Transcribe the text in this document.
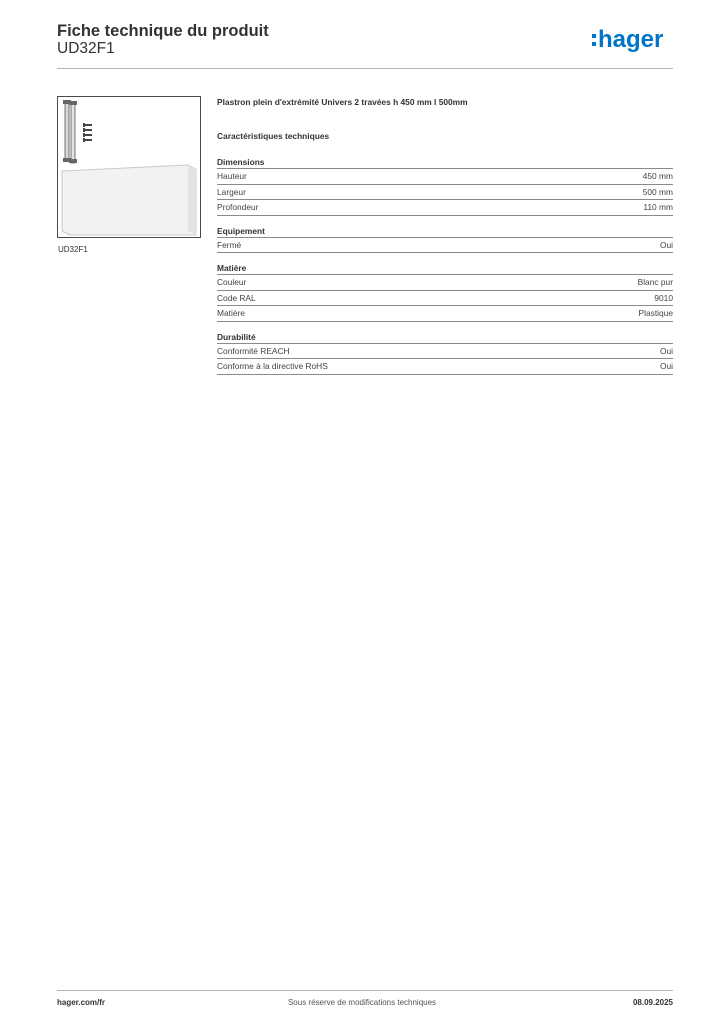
Fiche technique du produit
UD32F1	hager
UD32F1
Plastron plein d'extrémité Univers 2 travées h 450 mm l 500mm
Caractéristiques techniques
Dimensions
Hauteur	450 mm
Largeur	500 mm
Profondeur	110 mm
Equipement
Fermé	Oui
Matière
Couleur	Blanc pur
Code RAL	9010
Matière	Plastique
Durabilité
Conformité REACH	Oui
Conforme à la directive RoHS	Oui
hager.com/fr	Sous réserve de modifications techniques	08.09.2025
